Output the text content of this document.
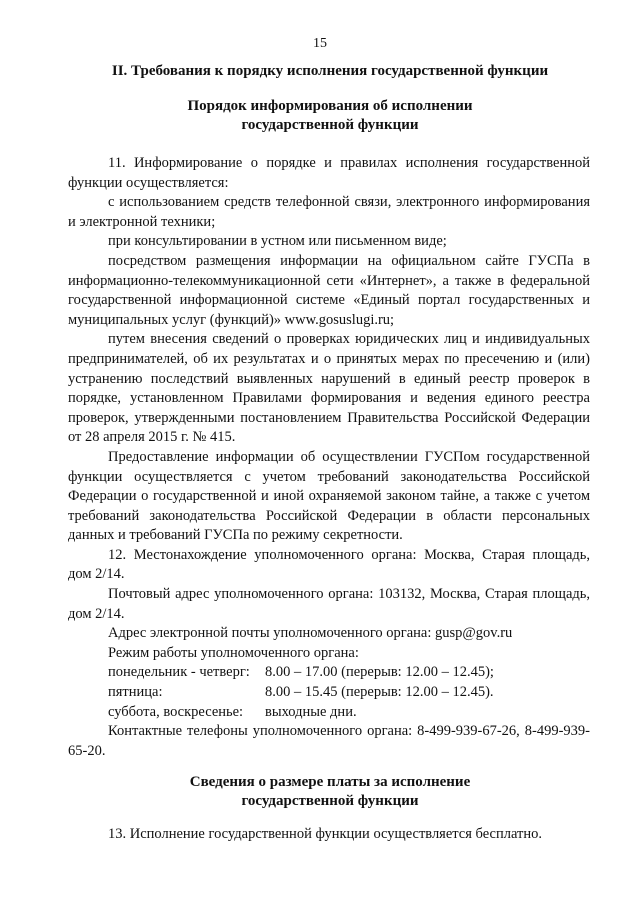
15
II. Требования к порядку исполнения государственной функции
Порядок информирования об исполнении
государственной функции

11. Информирование о порядке и правилах исполнения государственной функции осуществляется:

с использованием средств телефонной связи, электронного информирования и электронной техники;

при консультировании в устном или письменном виде;

посредством размещения информации на официальном сайте ГУСПа в информационно-телекоммуникационной сети «Интернет», а также в федеральной государственной информационной системе «Единый портал государственных и муниципальных услуг (функций)» www.gosuslugi.ru;

путем внесения сведений о проверках юридических лиц и индивидуальных предпринимателей, об их результатах и о принятых мерах по пресечению и (или) устранению последствий выявленных нарушений в единый реестр проверок в порядке, установленном Правилами формирования и ведения единого реестра проверок, утвержденными постановлением Правительства Российской Федерации от 28 апреля 2015 г. № 415.

Предоставление информации об осуществлении ГУСПом государственной функции осуществляется с учетом требований законодательства Российской Федерации о государственной и иной охраняемой законом тайне, а также с учетом требований законодательства Российской Федерации в области персональных данных и требований ГУСПа по режиму секретности.

12. Местонахождение уполномоченного органа: Москва, Старая площадь, дом 2/14.

Почтовый адрес уполномоченного органа: 103132, Москва, Старая площадь, дом 2/14.

Адрес электронной почты уполномоченного органа: gusp@gov.ru

Режим работы уполномоченного органа:

понедельник - четверг:	8.00 – 17.00 (перерыв: 12.00 – 12.45);
пятница:	8.00 – 15.45 (перерыв: 12.00 – 12.45).
суббота, воскресенье:	выходные дни.

Контактные телефоны уполномоченного органа: 8-499-939-67-26, 8-499-939-65-20.

Сведения о размере платы за исполнение
государственной функции

13. Исполнение государственной функции осуществляется бесплатно.
